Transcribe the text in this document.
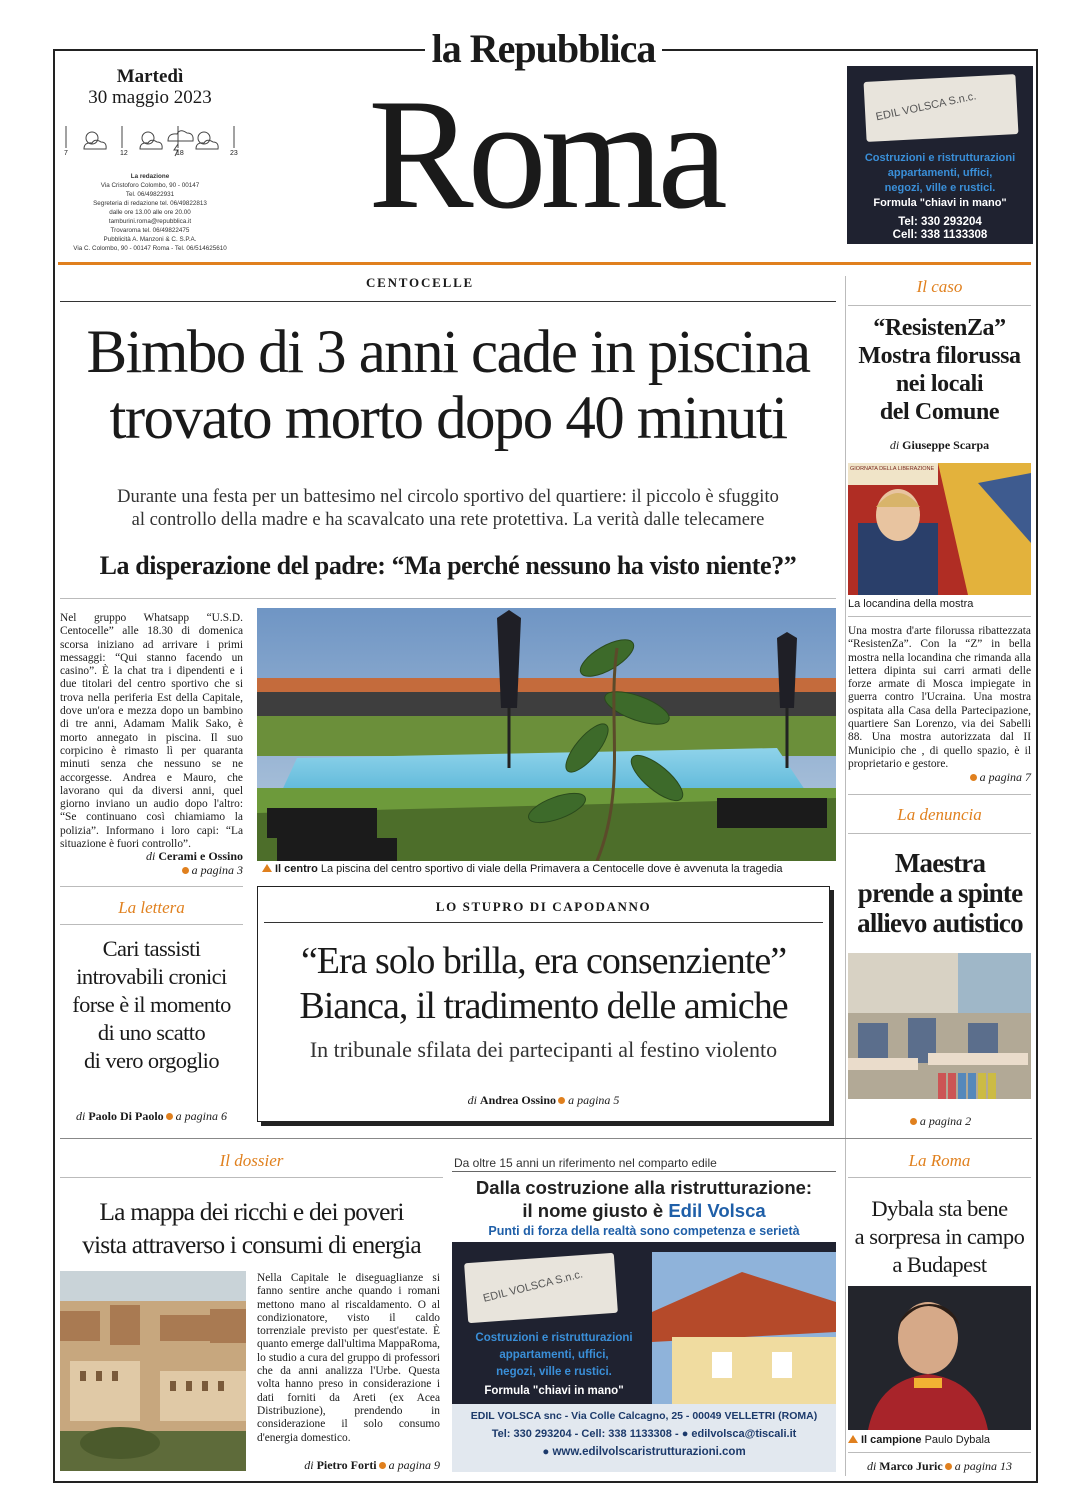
la Repubblica
Roma
Martedì
30 maggio 2023
7	12	18	23
La redazione
Via Cristoforo Colombo, 90 - 00147
Tel. 06/49822931
Segreteria di redazione tel. 06/49822813
dalle ore 13.00 alle ore 20.00
tamburini.roma@repubblica.it
Trovaroma tel. 06/49822475
Pubblicità A. Manzoni & C. S.P.A.
Via C. Colombo, 90 - 00147 Roma - Tel. 06/514625610
EDIL VOLSCA S.n.c.
Costruzioni e ristrutturazioni
appartamenti, uffici,
negozi, ville e rustici.
Formula "chiavi in mano"
Tel: 330 293204
Cell: 338 1133308
CENTOCELLE
Bimbo di 3 anni cade in piscina
trovato morto dopo 40 minuti
Durante una festa per un battesimo nel circolo sportivo del quartiere: il piccolo è sfuggito
al controllo della madre e ha scavalcato una rete protettiva. La verità dalle telecamere
La disperazione del padre: “Ma perché nessuno ha visto niente?”
Nel gruppo Whatsapp “U.S.D. Centocelle” alle 18.30 di domenica scorsa iniziano ad arrivare i primi messaggi: “Qui stanno facendo un casino”. È la chat tra i dipendenti e i due titolari del centro sportivo che si trova nella periferia Est della Capitale, dove un'ora e mezza dopo un bambino di tre anni, Adamam Malik Sako, è morto annegato in piscina. Il suo corpicino è rimasto lì per quaranta minuti senza che nessuno se ne accorgesse. Andrea e Mauro, che lavorano qui da diversi anni, quel giorno inviano un audio dopo l'altro: “Se continuano così chiamiamo la polizia”. Informano i loro capi: “La situazione è fuori controllo”.
di Cerami e Ossino
a pagina 3	Il centro La piscina del centro sportivo di viale della Primavera a Centocelle dove è avvenuta la tragedia
La lettera
Cari tassisti
introvabili cronici
forse è il momento
di uno scatto
di vero orgoglio
di Paolo Di Paolo a pagina 6
LO STUPRO DI CAPODANNO
“Era solo brilla, era consenziente”
Bianca, il tradimento delle amiche
In tribunale sfilata dei partecipanti al festino violento
di Andrea Ossino a pagina 5
Il caso
“ResistenZa”
Mostra filorussa
nei locali
del Comune
di Giuseppe Scarpa
GIORNATA DELLA LIBERAZIONE
La locandina della mostra
Una mostra d'arte filorussa ribattezzata “ResistenZa”. Con la “Z” in bella mostra nella locandina che rimanda alla lettera dipinta sui carri armati delle forze armate di Mosca impiegate in guerra contro l'Ucraina. Una mostra ospitata alla Casa della Partecipazione, quartiere San Lorenzo, via dei Sabelli 88. Una mostra autorizzata dal II Municipio che , di quello spazio, è il proprietario e gestore.
a pagina 7
La denuncia
Maestra
prende a spinte
allievo autistico
a pagina 2
Il dossier
La mappa dei ricchi e dei poveri
vista attraverso i consumi di energia
Nella Capitale le diseguaglianze si fanno sentire anche quando i romani mettono mano al riscaldamento. O al condizionatore, visto il caldo torrenziale previsto per quest'estate. È quanto emerge dall'ultima MappaRoma, lo studio a cura del gruppo di professori che da anni analizza l'Urbe. Questa volta hanno preso in considerazione i dati forniti da Areti (ex Acea Distribuzione), prendendo in considerazione il solo consumo d'energia domestico.
di Pietro Forti a pagina 9
Da oltre 15 anni un riferimento nel comparto edile
Dalla costruzione alla ristrutturazione:
il nome giusto è Edil Volsca
Punti di forza della realtà sono competenza e serietà
EDIL VOLSCA S.n.c.
Costruzioni e ristrutturazioni
appartamenti, uffici,
negozi, ville e rustici.
Formula "chiavi in mano"
EDIL VOLSCA snc - Via Colle Calcagno, 25 - 00049 VELLETRI (ROMA)
Tel: 330 293204 - Cell: 338 1133308 - ● edilvolsca@tiscali.it
● www.edilvolscaristrutturazioni.com
La Roma
Dybala sta bene
a sorpresa in campo
a Budapest
Il campione Paulo Dybala
di Marco Juric a pagina 13
